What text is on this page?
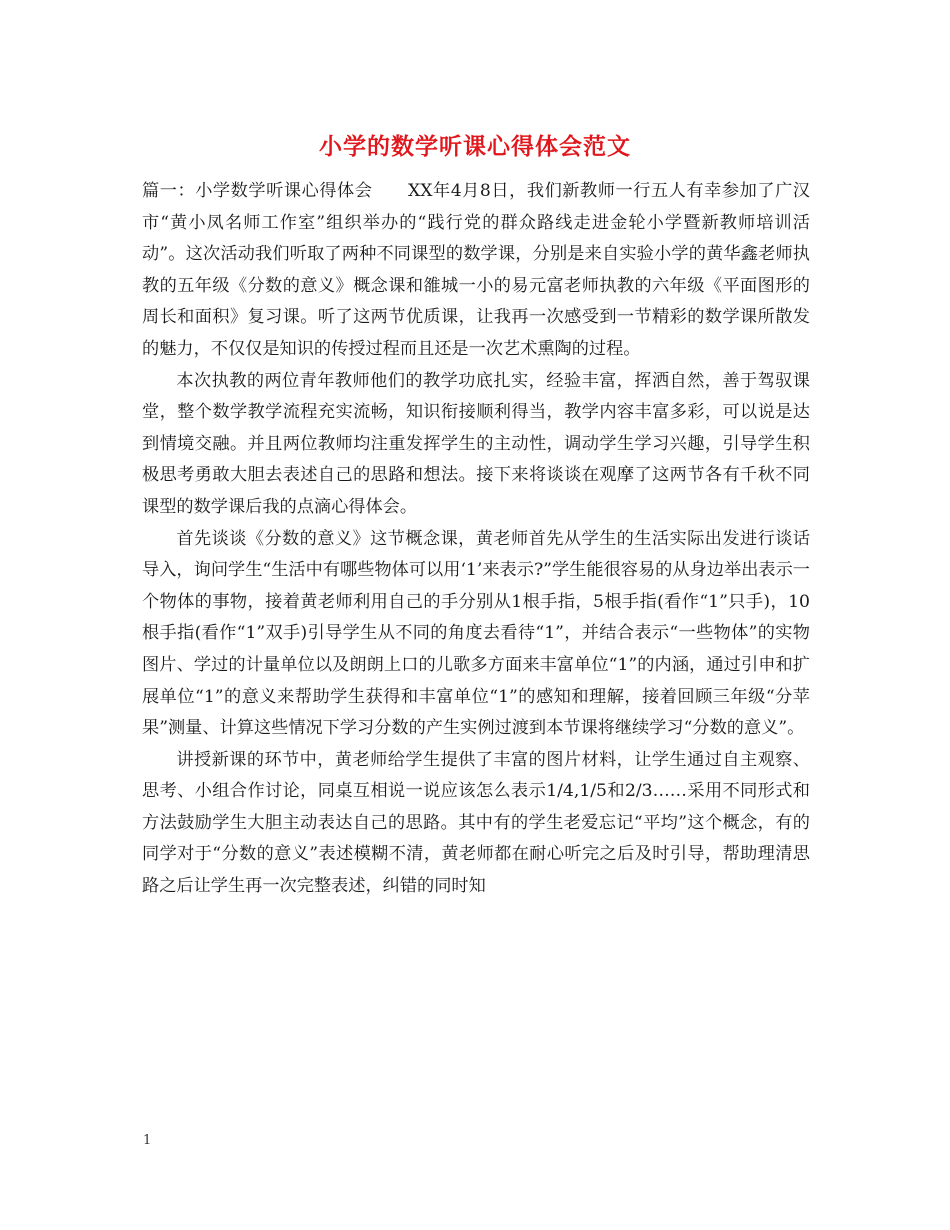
小学的数学听课心得体会范文

篇一：小学数学听课心得体会　　XX年4月8日，我们新教师一行五人有幸参加了广汉市“黄小凤名师工作室”组织举办的“践行党的群众路线走进金轮小学暨新教师培训活动”。这次活动我们听取了两种不同课型的数学课，分别是来自实验小学的黄华鑫老师执教的五年级《分数的意义》概念课和雒城一小的易元富老师执教的六年级《平面图形的周长和面积》复习课。听了这两节优质课，让我再一次感受到一节精彩的数学课所散发的魅力，不仅仅是知识的传授过程而且还是一次艺术熏陶的过程。

本次执教的两位青年教师他们的教学功底扎实，经验丰富，挥洒自然，善于驾驭课堂，整个数学教学流程充实流畅，知识衔接顺利得当，教学内容丰富多彩，可以说是达到情境交融。并且两位教师均注重发挥学生的主动性，调动学生学习兴趣，引导学生积极思考勇敢大胆去表述自己的思路和想法。接下来将谈谈在观摩了这两节各有千秋不同课型的数学课后我的点滴心得体会。

首先谈谈《分数的意义》这节概念课，黄老师首先从学生的生活实际出发进行谈话导入，询问学生“生活中有哪些物体可以用‘1’来表示?”学生能很容易的从身边举出表示一个物体的事物，接着黄老师利用自己的手分别从1根手指，5根手指(看作“1”只手)，10根手指(看作“1”双手)引导学生从不同的角度去看待“1”，并结合表示“一些物体”的实物图片、学过的计量单位以及朗朗上口的儿歌多方面来丰富单位“1”的内涵，通过引申和扩展单位“1”的意义来帮助学生获得和丰富单位“1”的感知和理解，接着回顾三年级“分苹果”测量、计算这些情况下学习分数的产生实例过渡到本节课将继续学习“分数的意义”。

讲授新课的环节中，黄老师给学生提供了丰富的图片材料，让学生通过自主观察、思考、小组合作讨论，同桌互相说一说应该怎么表示1/4,1/5和2/3……采用不同形式和方法鼓励学生大胆主动表达自己的思路。其中有的学生老爱忘记“平均”这个概念，有的同学对于“分数的意义”表述模糊不清，黄老师都在耐心听完之后及时引导，帮助理清思路之后让学生再一次完整表述，纠错的同时知

1
